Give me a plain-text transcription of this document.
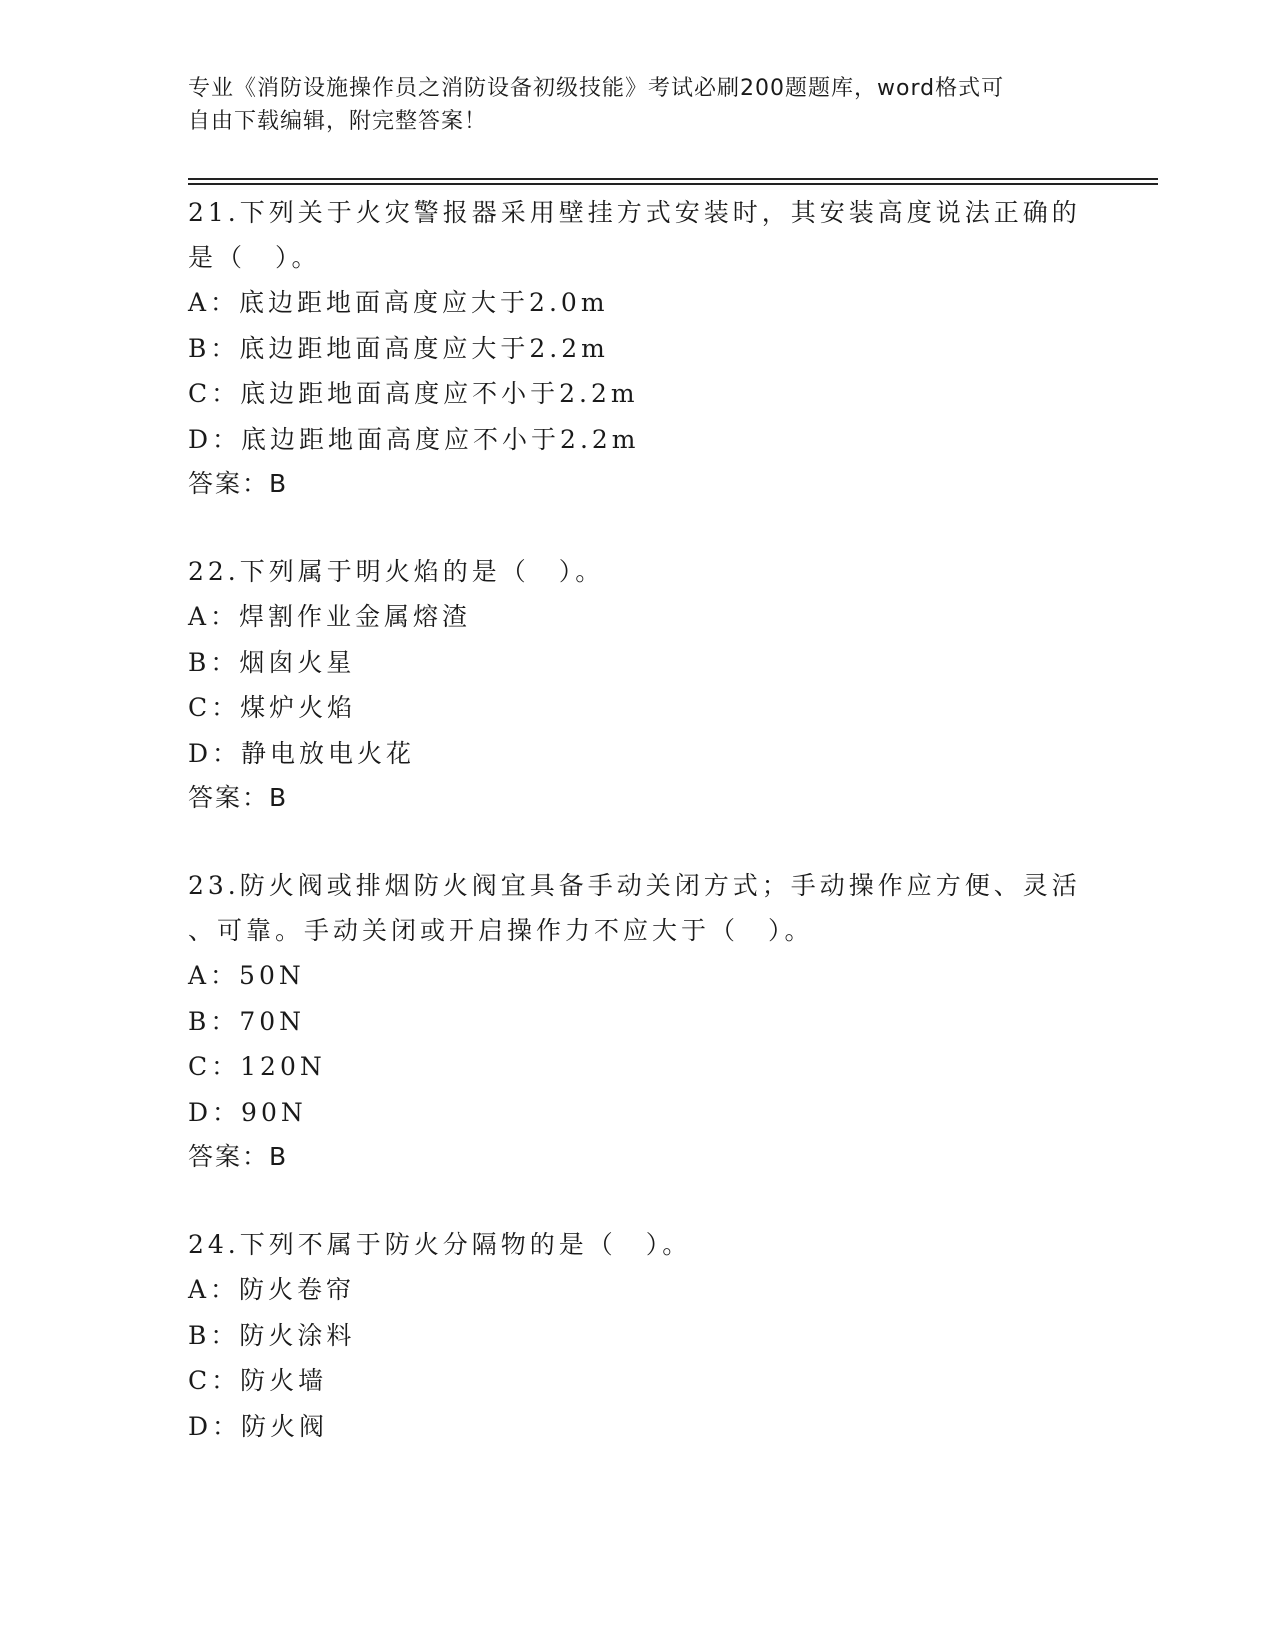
专业《消防设施操作员之消防设备初级技能》考试必刷200题题库，word格式可
自由下载编辑，附完整答案！

21.下列关于火灾警报器采用壁挂方式安装时，其安装高度说法正确的
是（　）。

A：底边距地面高度应大于2.0m

B：底边距地面高度应大于2.2m

C：底边距地面高度应不小于2.2m

D：底边距地面高度应不小于2.2m

答案：B

22.下列属于明火焰的是（　）。

A：焊割作业金属熔渣

B：烟囱火星

C：煤炉火焰

D：静电放电火花

答案：B

23.防火阀或排烟防火阀宜具备手动关闭方式；手动操作应方便、灵活
、可靠。手动关闭或开启操作力不应大于（　）。

A：50N

B：70N

C：120N

D：90N

答案：B

24.下列不属于防火分隔物的是（　）。

A：防火卷帘

B：防火涂料

C：防火墙

D：防火阀
